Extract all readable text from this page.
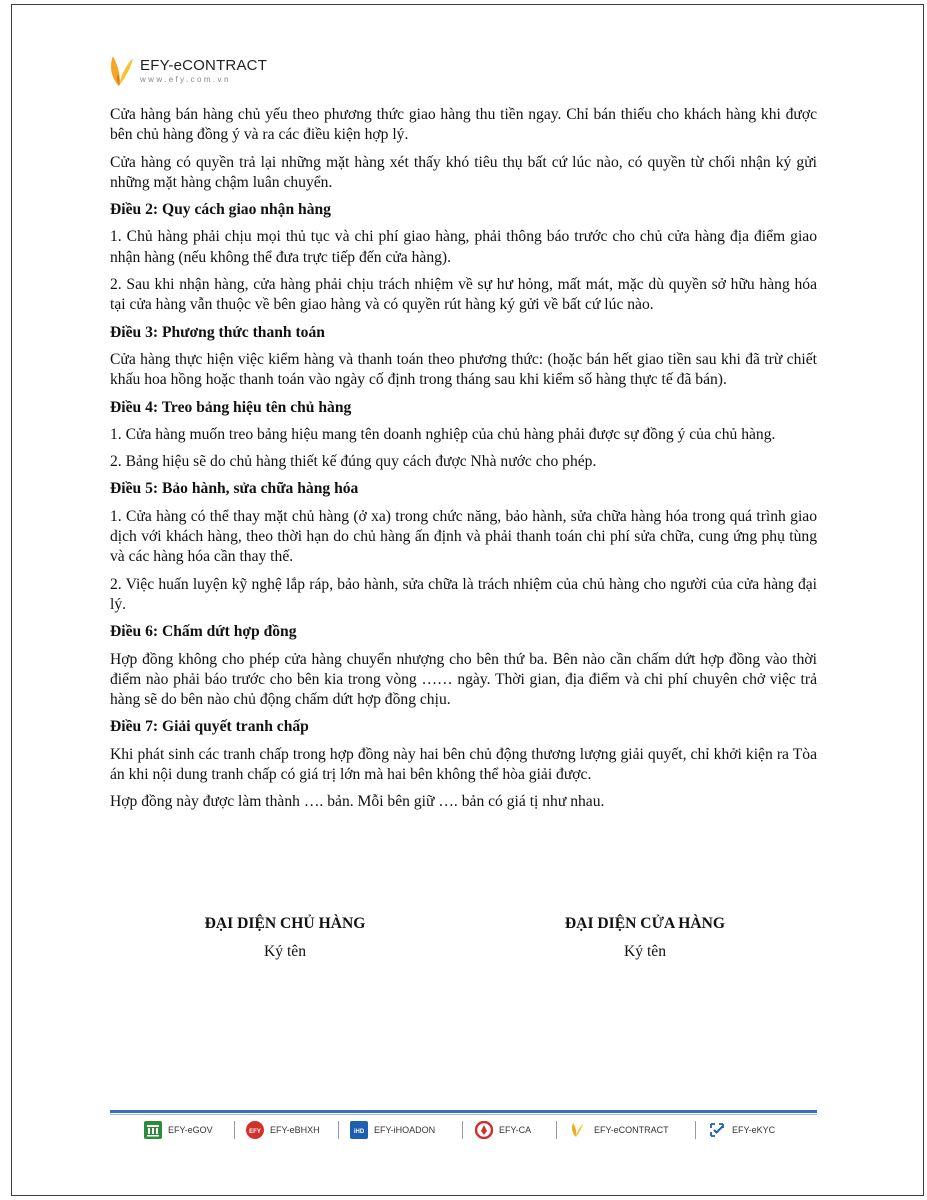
EFY-eCONTRACT
www.efy.com.vn

Cửa hàng bán hàng chủ yếu theo phương thức giao hàng thu tiền ngay. Chỉ bán thiếu cho khách hàng khi được bên chủ hàng đồng ý và ra các điều kiện hợp lý.

Cửa hàng có quyền trả lại những mặt hàng xét thấy khó tiêu thụ bất cứ lúc nào, có quyền từ chối nhận ký gửi những mặt hàng chậm luân chuyển.

Điều 2: Quy cách giao nhận hàng

1. Chủ hàng phải chịu mọi thủ tục và chi phí giao hàng, phải thông báo trước cho chủ cửa hàng địa điểm giao nhận hàng (nếu không thể đưa trực tiếp đến cửa hàng).

2. Sau khi nhận hàng, cửa hàng phải chịu trách nhiệm về sự hư hỏng, mất mát, mặc dù quyền sở hữu hàng hóa tại cửa hàng vẫn thuộc về bên giao hàng và có quyền rút hàng ký gửi về bất cứ lúc nào.

Điều 3: Phương thức thanh toán

Cửa hàng thực hiện việc kiểm hàng và thanh toán theo phương thức: (hoặc bán hết giao tiền sau khi đã trừ chiết khấu hoa hồng hoặc thanh toán vào ngày cố định trong tháng sau khi kiểm số hàng thực tế đã bán).

Điều 4: Treo bảng hiệu tên chủ hàng

1. Cửa hàng muốn treo bảng hiệu mang tên doanh nghiệp của chủ hàng phải được sự đồng ý của chủ hàng.

2. Bảng hiệu sẽ do chủ hàng thiết kế đúng quy cách được Nhà nước cho phép.

Điều 5: Bảo hành, sửa chữa hàng hóa

1. Cửa hàng có thể thay mặt chủ hàng (ở xa) trong chức năng, bảo hành, sửa chữa hàng hóa trong quá trình giao dịch với khách hàng, theo thời hạn do chủ hàng ấn định và phải thanh toán chi phí sửa chữa, cung ứng phụ tùng và các hàng hóa cần thay thế.

2. Việc huấn luyện kỹ nghệ lắp ráp, bảo hành, sửa chữa là trách nhiệm của chủ hàng cho người của cửa hàng đại lý.

Điều 6: Chấm dứt hợp đồng

Hợp đồng không cho phép cửa hàng chuyển nhượng cho bên thứ ba. Bên nào cần chấm dứt hợp đồng vào thời điểm nào phải báo trước cho bên kia trong vòng …… ngày. Thời gian, địa điểm và chi phí chuyên chở việc trả hàng sẽ do bên nào chủ động chấm dứt hợp đồng chịu.

Điều 7: Giải quyết tranh chấp

Khi phát sinh các tranh chấp trong hợp đồng này hai bên chủ động thương lượng giải quyết, chỉ khởi kiện ra Tòa án khi nội dung tranh chấp có giá trị lớn mà hai bên không thể hòa giải được.

Hợp đồng này được làm thành …. bản. Mỗi bên giữ …. bản có giá tị như nhau.

ĐẠI DIỆN CHỦ HÀNG
Ký tên
ĐẠI DIỆN CỬA HÀNG
Ký tên
EFY-eGOV	EFY EFY-eBHXH	iHD EFY-iHOADON	EFY-CA	EFY-eCONTRACT	EFY-eKYC
